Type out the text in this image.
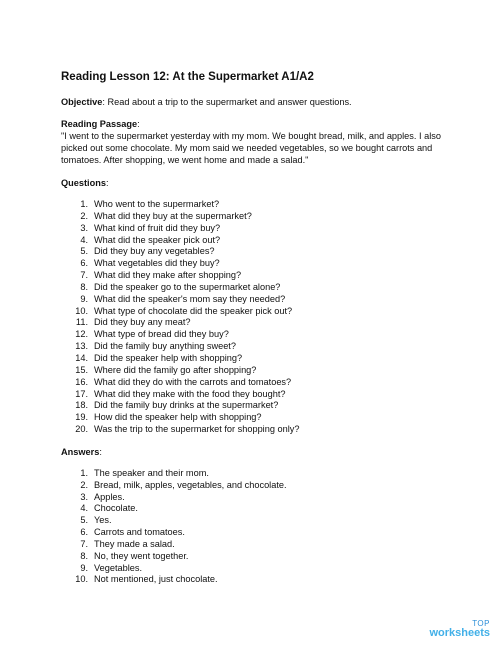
Reading Lesson 12: At the Supermarket A1/A2
Objective: Read about a trip to the supermarket and answer questions.
Reading Passage:
"I went to the supermarket yesterday with my mom. We bought bread, milk, and apples. I also picked out some chocolate. My mom said we needed vegetables, so we bought carrots and tomatoes. After shopping, we went home and made a salad."
Questions:
1. Who went to the supermarket?
2. What did they buy at the supermarket?
3. What kind of fruit did they buy?
4. What did the speaker pick out?
5. Did they buy any vegetables?
6. What vegetables did they buy?
7. What did they make after shopping?
8. Did the speaker go to the supermarket alone?
9. What did the speaker's mom say they needed?
10. What type of chocolate did the speaker pick out?
11. Did they buy any meat?
12. What type of bread did they buy?
13. Did the family buy anything sweet?
14. Did the speaker help with shopping?
15. Where did the family go after shopping?
16. What did they do with the carrots and tomatoes?
17. What did they make with the food they bought?
18. Did the family buy drinks at the supermarket?
19. How did the speaker help with shopping?
20. Was the trip to the supermarket for shopping only?
Answers:
1. The speaker and their mom.
2. Bread, milk, apples, vegetables, and chocolate.
3. Apples.
4. Chocolate.
5. Yes.
6. Carrots and tomatoes.
7. They made a salad.
8. No, they went together.
9. Vegetables.
10. Not mentioned, just chocolate.
TOP
worksheets
